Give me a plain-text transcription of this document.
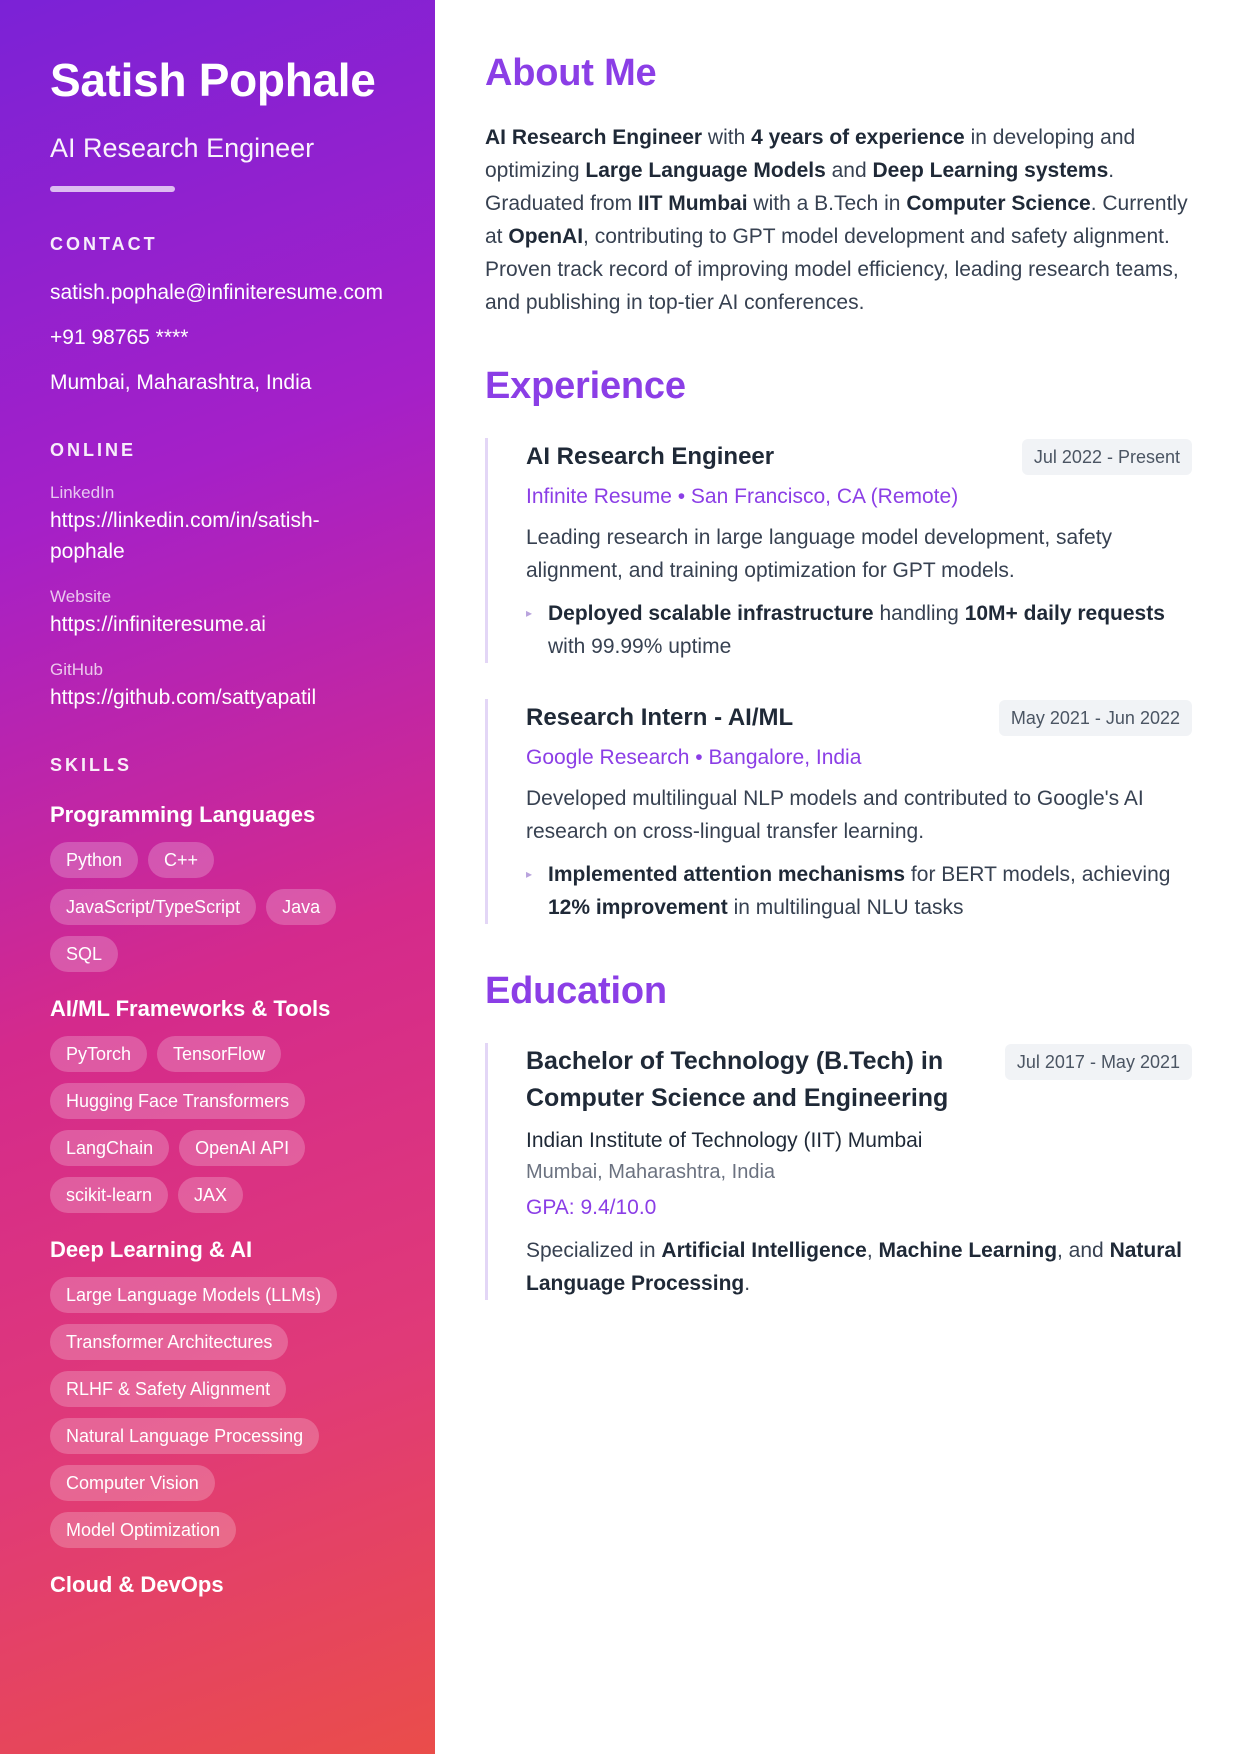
Satish Pophale
AI Research Engineer
CONTACT
satish.pophale@infiniteresume.com
+91 98765 ****
Mumbai, Maharashtra, India
ONLINE
LinkedIn
https://linkedin.com/in/satish-pophale
Website
https://infiniteresume.ai
GitHub
https://github.com/sattyapatil
SKILLS
Programming Languages
Python	C++
JavaScript/TypeScript	Java
SQL
AI/ML Frameworks & Tools
PyTorch	TensorFlow
Hugging Face Transformers
LangChain	OpenAI API
scikit-learn	JAX
Deep Learning & AI
Large Language Models (LLMs)
Transformer Architectures
RLHF & Safety Alignment
Natural Language Processing
Computer Vision
Model Optimization
Cloud & DevOps
About Me

AI Research Engineer with 4 years of experience in developing and optimizing Large Language Models and Deep Learning systems. Graduated from IIT Mumbai with a B.Tech in Computer Science. Currently at OpenAI, contributing to GPT model development and safety alignment. Proven track record of improving model efficiency, leading research teams, and publishing in top-tier AI conferences.

Experience
AI Research Engineer	Jul 2022 - Present
Infinite Resume • San Francisco, CA (Remote)
Leading research in large language model development, safety alignment, and training optimization for GPT models.
▸ Deployed scalable infrastructure handling 10M+ daily requests with 99.99% uptime
Research Intern - AI/ML	May 2021 - Jun 2022
Google Research • Bangalore, India
Developed multilingual NLP models and contributed to Google's AI research on cross-lingual transfer learning.
▸ Implemented attention mechanisms for BERT models, achieving 12% improvement in multilingual NLU tasks
Education
Bachelor of Technology (B.Tech) in Computer Science and Engineering
Jul 2017 - May 2021
Indian Institute of Technology (IIT) Mumbai
Mumbai, Maharashtra, India
GPA: 9.4/10.0

Specialized in Artificial Intelligence, Machine Learning, and Natural Language Processing.
